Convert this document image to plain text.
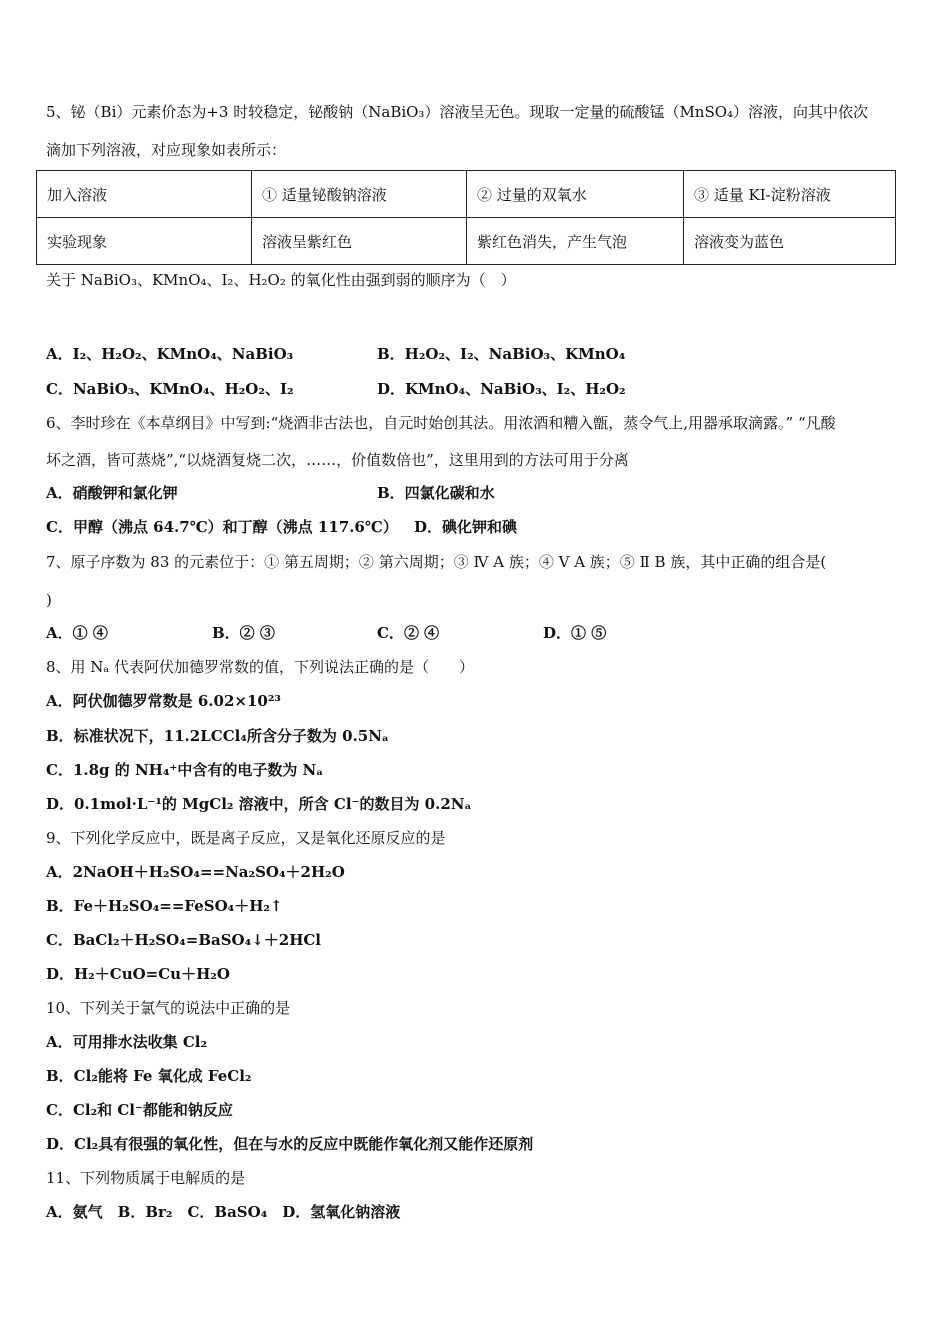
5、铋（Bi）元素价态为+3 时较稳定，铋酸钠（NaBiO₃）溶液呈无色。现取一定量的硫酸锰（MnSO₄）溶液，向其中依次
滴加下列溶液，对应现象如表所示：
加入溶液	① 适量铋酸钠溶液	② 过量的双氧水	③ 适量 KI-淀粉溶液
实验现象	溶液呈紫红色	紫红色消失，产生气泡	溶液变为蓝色
关于 NaBiO₃、KMnO₄、I₂、H₂O₂ 的氧化性由强到弱的顺序为（　）
A．I₂、H₂O₂、KMnO₄、NaBiO₃	B．H₂O₂、I₂、NaBiO₃、KMnO₄
C．NaBiO₃、KMnO₄、H₂O₂、I₂	D．KMnO₄、NaBiO₃、I₂、H₂O₂
6、李时珍在《本草纲目》中写到:“烧酒非古法也，自元时始创其法。用浓酒和糟入甑，蒸令气上,用器承取滴露。” “凡酸
坏之酒，皆可蒸烧”,“以烧酒复烧二次，……，价值数倍也”，这里用到的方法可用于分离
A．硝酸钾和氯化钾	B．四氯化碳和水
C．甲醇（沸点 64.7℃）和丁醇（沸点 117.6℃） D．碘化钾和碘
7、原子序数为 83 的元素位于：① 第五周期；② 第六周期；③ Ⅳ A 族；④ Ⅴ A 族；⑤ Ⅱ B 族，其中正确的组合是(
)
A．① ④	B．② ③	C．② ④	D．① ⑤
8、用 Nₐ 代表阿伏加德罗常数的值，下列说法正确的是（　　）
A．阿伏伽德罗常数是 6.02×10²³
B．标准状况下，11.2LCCl₄所含分子数为 0.5Nₐ
C．1.8g 的 NH₄⁺中含有的电子数为 Nₐ
D．0.1mol·L⁻¹的 MgCl₂ 溶液中，所含 Cl⁻的数目为 0.2Nₐ
9、下列化学反应中，既是离子反应，又是氧化还原反应的是
A．2NaOH＋H₂SO₄==Na₂SO₄＋2H₂O
B．Fe＋H₂SO₄==FeSO₄＋H₂↑
C．BaCl₂＋H₂SO₄=BaSO₄↓＋2HCl
D．H₂＋CuO=Cu＋H₂O
10、下列关于氯气的说法中正确的是
A．可用排水法收集 Cl₂
B．Cl₂能将 Fe 氧化成 FeCl₂
C．Cl₂和 Cl⁻都能和钠反应
D．Cl₂具有很强的氧化性，但在与水的反应中既能作氧化剂又能作还原剂
11、下列物质属于电解质的是
A．氨气　B．Br₂　C．BaSO₄　D．氢氧化钠溶液
